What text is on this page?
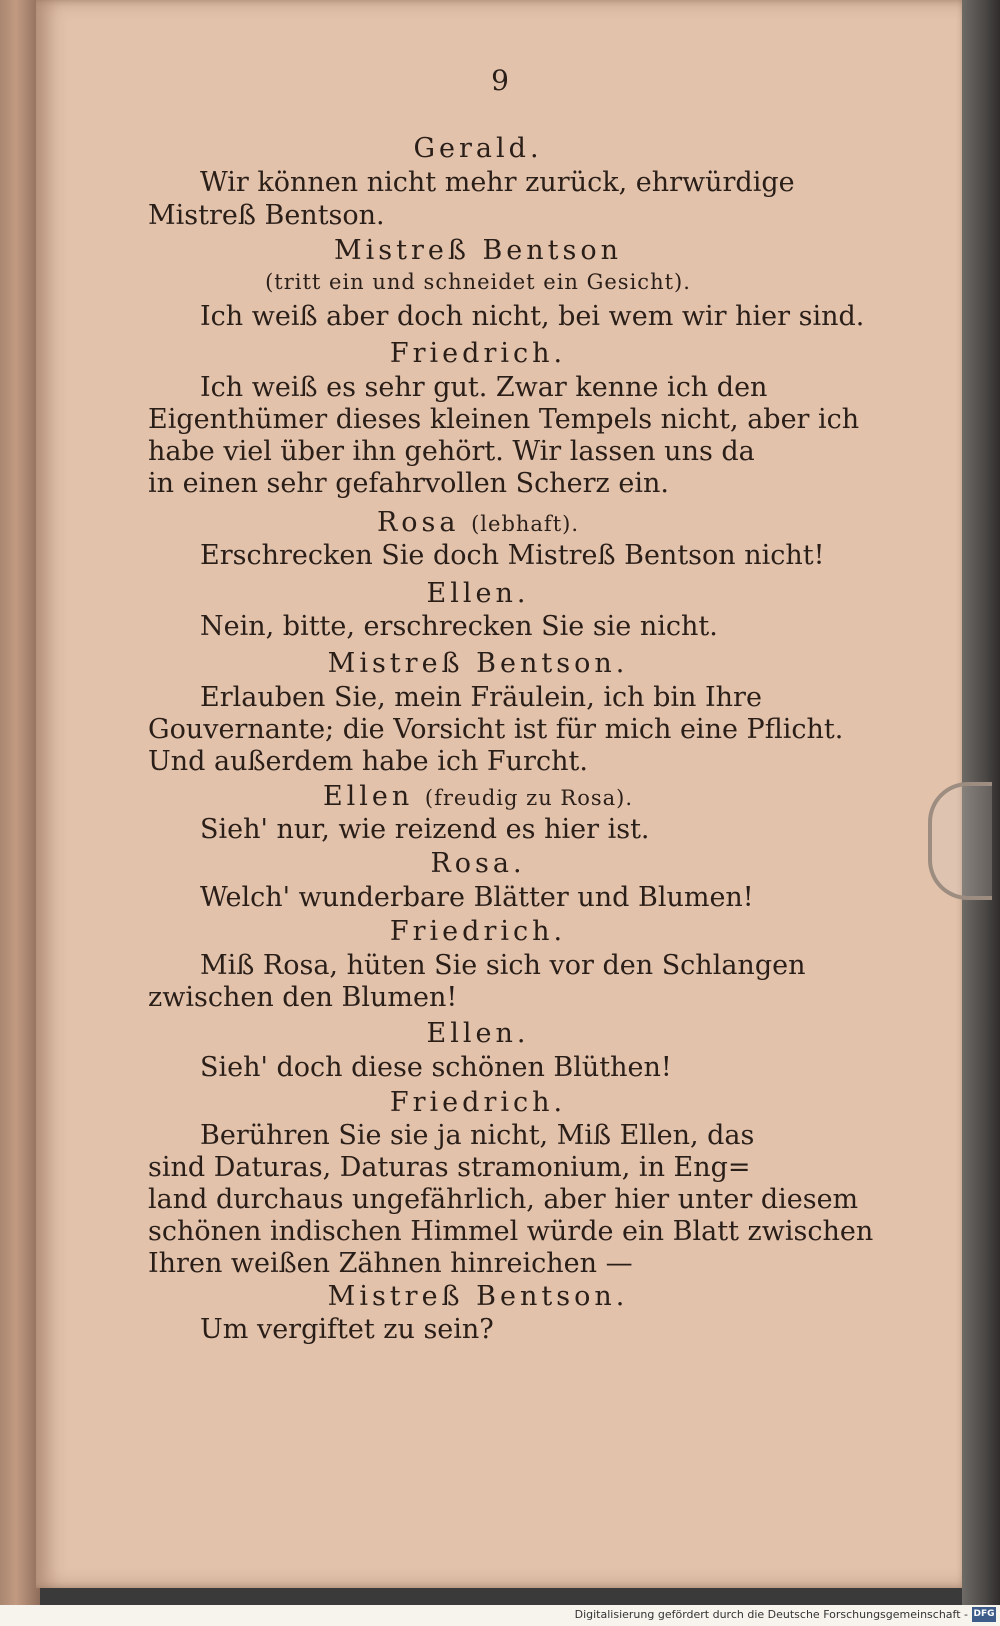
9
Gerald.
Wir können nicht mehr zurück, ehrwürdige
Mistreß Bentson.
Mistreß Bentson
(tritt ein und schneidet ein Gesicht).
Ich weiß aber doch nicht, bei wem wir hier sind.
Friedrich.
Ich weiß es sehr gut. Zwar kenne ich den
Eigenthümer dieses kleinen Tempels nicht, aber ich
habe viel über ihn gehört. Wir lassen uns da
in einen sehr gefahrvollen Scherz ein.
Rosa (lebhaft).
Erschrecken Sie doch Mistreß Bentson nicht!
Ellen.
Nein, bitte, erschrecken Sie sie nicht.
Mistreß Bentson.
Erlauben Sie, mein Fräulein, ich bin Ihre
Gouvernante; die Vorsicht ist für mich eine Pflicht.
Und außerdem habe ich Furcht.
Ellen (freudig zu Rosa).
Sieh' nur, wie reizend es hier ist.
Rosa.
Welch' wunderbare Blätter und Blumen!
Friedrich.
Miß Rosa, hüten Sie sich vor den Schlangen
zwischen den Blumen!
Ellen.
Sieh' doch diese schönen Blüthen!
Friedrich.
Berühren Sie sie ja nicht, Miß Ellen, das
sind Daturas, Daturas stramonium, in Eng=
land durchaus ungefährlich, aber hier unter diesem
schönen indischen Himmel würde ein Blatt zwischen
Ihren weißen Zähnen hinreichen —
Mistreß Bentson.
Um vergiftet zu sein?
Digitalisierung gefördert durch die Deutsche Forschungsgemeinschaft - DFG
